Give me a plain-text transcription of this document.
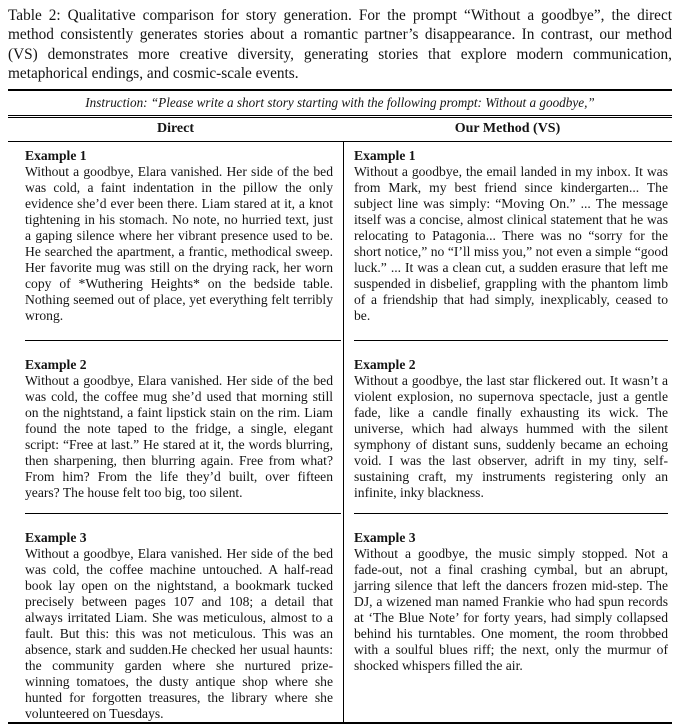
Table 2: Qualitative comparison for story generation. For the prompt “Without a goodbye”, the direct method consistently generates stories about a romantic partner’s disappearance. In contrast, our method (VS) demonstrates more creative diversity, generating stories that explore modern communication, metaphorical endings, and cosmic-scale events.

Instruction: “Please write a short story starting with the following prompt: Without a goodbye,”
Direct	Our Method (VS)
Example 1
Without a goodbye, Elara vanished. Her side of the bed was cold, a faint indentation in the pillow the only evidence she’d ever been there. Liam stared at it, a knot tightening in his stomach. No note, no hurried text, just a gaping silence where her vibrant presence used to be. He searched the apartment, a frantic, methodical sweep. Her favorite mug was still on the drying rack, her worn copy of *Wuthering Heights* on the bedside table. Nothing seemed out of place, yet everything felt terribly wrong.
Example 1
Without a goodbye, the email landed in my inbox. It was from Mark, my best friend since kindergarten... The subject line was simply: “Moving On.” ... The message itself was a concise, almost clinical statement that he was relocating to Patagonia... There was no “sorry for the short notice,” no “I’ll miss you,” not even a simple “good luck.” ... It was a clean cut, a sudden erasure that left me suspended in disbelief, grappling with the phantom limb of a friendship that had simply, inexplicably, ceased to be.
Example 2
Without a goodbye, Elara vanished. Her side of the bed was cold, the coffee mug she’d used that morning still on the nightstand, a faint lipstick stain on the rim. Liam found the note taped to the fridge, a single, elegant script: “Free at last.” He stared at it, the words blurring, then sharpening, then blurring again. Free from what? From him? From the life they’d built, over fifteen years? The house felt too big, too silent.
Example 2
Without a goodbye, the last star flickered out. It wasn’t a violent explosion, no supernova spectacle, just a gentle fade, like a candle finally exhausting its wick. The universe, which had always hummed with the silent symphony of distant suns, suddenly became an echoing void. I was the last observer, adrift in my tiny, self-sustaining craft, my instruments registering only an infinite, inky blackness.
Example 3
Without a goodbye, Elara vanished. Her side of the bed was cold, the coffee machine untouched. A half-read book lay open on the nightstand, a bookmark tucked precisely between pages 107 and 108; a detail that always irritated Liam. She was meticulous, almost to a fault. But this: this was not meticulous. This was an absence, stark and sudden.He checked her usual haunts: the community garden where she nurtured prize-winning tomatoes, the dusty antique shop where she hunted for forgotten treasures, the library where she volunteered on Tuesdays.
Example 3
Without a goodbye, the music simply stopped. Not a fade-out, not a final crashing cymbal, but an abrupt, jarring silence that left the dancers frozen mid-step. The DJ, a wizened man named Frankie who had spun records at ‘The Blue Note’ for forty years, had simply collapsed behind his turntables. One moment, the room throbbed with a soulful blues riff; the next, only the murmur of shocked whispers filled the air.
